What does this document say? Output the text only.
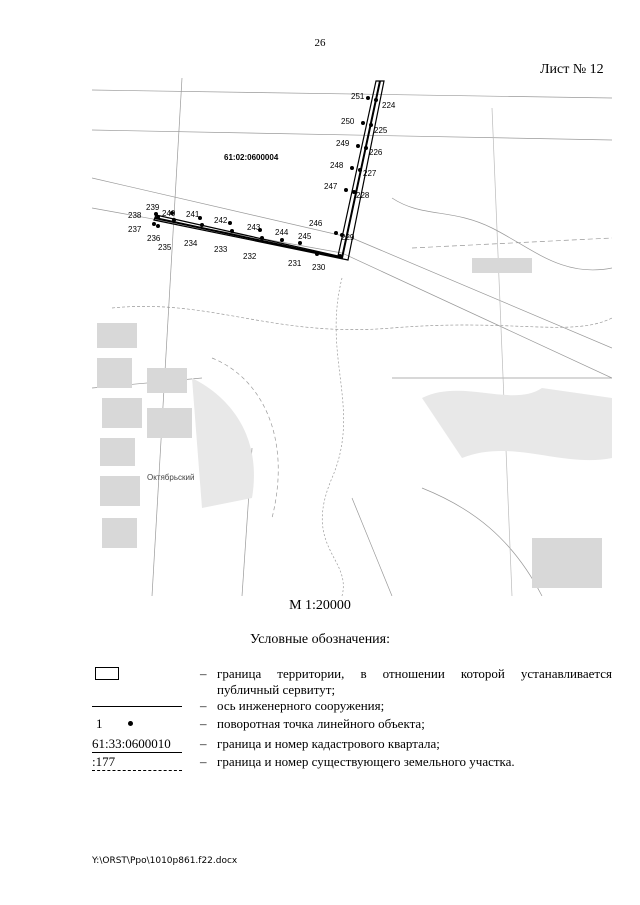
26
Лист № 12
61:02:0600004
Октябрьский
251
224
250
225
249
226
248
227
247
228
246
229
230
231
245
244
232
243
233
242
234
241
235
240
236
239
238
237
М 1:20000
Условные обозначения:
– граница территории, в отношении которой устанавливается публичный сервитут;
– ось инженерного сооружения;
1	– поворотная точка линейного объекта;
61:33:0600010	– граница и номер кадастрового квартала;
:177	– граница и номер существующего земельного участка.
Y:\ORST\Ppo\1010p861.f22.docx
